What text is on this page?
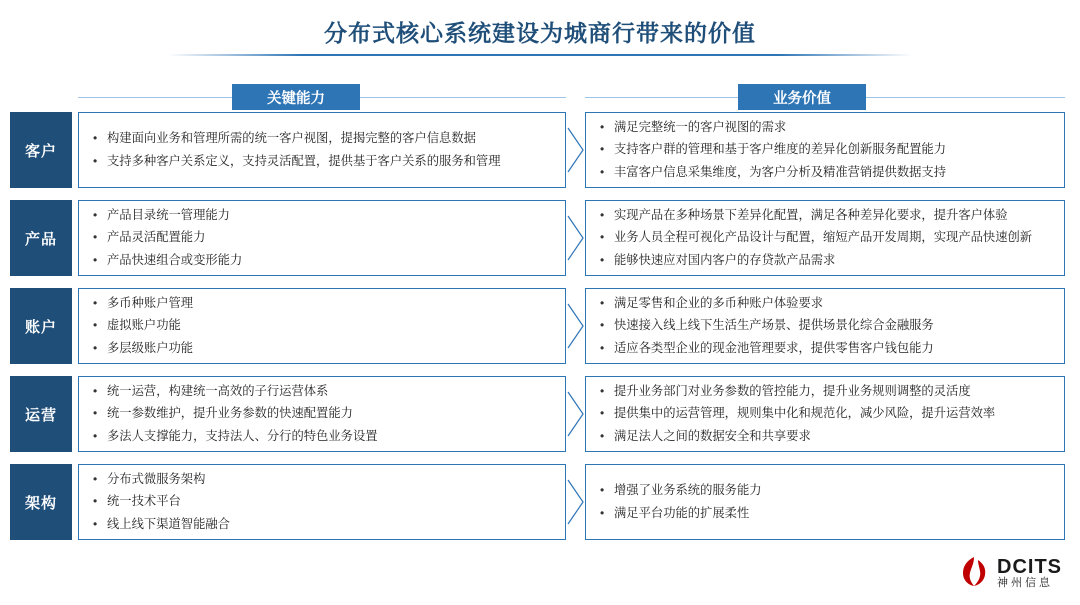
分布式核心系统建设为城商行带来的价值
关键能力	业务价值
客户
• 构建面向业务和管理所需的统一客户视图，提揭完整的客户信息数据
• 支持多种客户关系定义，支持灵活配置，提供基于客户关系的服务和管理
• 满足完整统一的客户视图的需求
• 支持客户群的管理和基于客户维度的差异化创新服务配置能力
• 丰富客户信息采集维度，为客户分析及精准营销提供数据支持
产品
• 产品目录统一管理能力
• 产品灵活配置能力
• 产品快速组合或变形能力
• 实现产品在多种场景下差异化配置，满足各种差异化要求，提升客户体验
• 业务人员全程可视化产品设计与配置，缩短产品开发周期，实现产品快速创新
• 能够快速应对国内客户的存贷款产品需求
账户
• 多币种账户管理
• 虚拟账户功能
• 多层级账户功能
• 满足零售和企业的多币种账户体验要求
• 快速接入线上线下生活生产场景、提供场景化综合金融服务
• 适应各类型企业的现金池管理要求，提供零售客户钱包能力
运营
• 统一运营，构建统一高效的子行运营体系
• 统一参数维护，提升业务参数的快速配置能力
• 多法人支撑能力，支持法人、分行的特色业务设置
• 提升业务部门对业务参数的管控能力，提升业务规则调整的灵活度
• 提供集中的运营管理，规则集中化和规范化，减少风险，提升运营效率
• 满足法人之间的数据安全和共享要求
架构
• 分布式微服务架构
• 统一技术平台
• 线上线下渠道智能融合
• 增强了业务系统的服务能力
• 满足平台功能的扩展柔性
DCITS
神州信息
